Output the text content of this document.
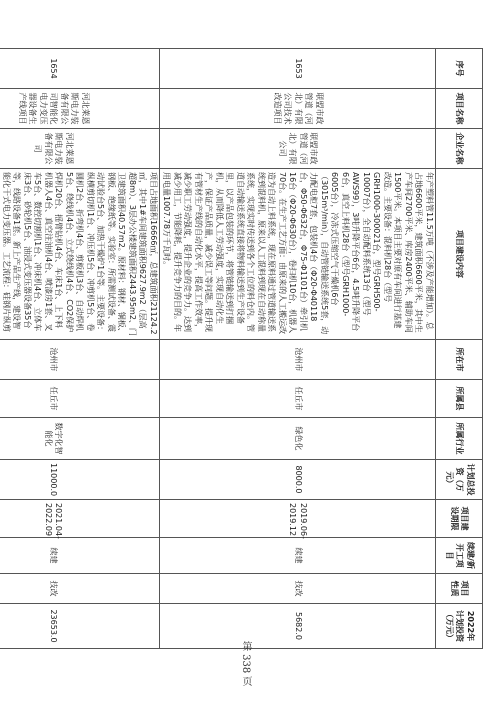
序号	项目名称	企业名称	项目建设内容	所在市	所属县	所属行业	计划总投资（万元）	项目建设期限	续建/新开工项目	项目性质	2022年计划投资（万元）
1653	联盟市政管道（河北）有限公司技术改造项目	联盟市政管道（河北）有限公司	年产塑料管11.5万吨（不涉及产能增加）。总占地6600平米，建筑面积6600平米，其中生产车间2700平米、库房2400平米、辅助车间1500平米。本项目主要对原有车间进行基建改造。主要设备：混料机28台（型号GRH1000-300021台，型号GRH500-10007台），全自动配料系统13台（型号AWS99），3吨升降平台6台，4.5吨升降平台6台，真空上料机28台（型号GRH1000-6005台），冷冻式压缩空气干燥机6台（3015m³/min），自动管链输送系统5套，动力配电柜7套，包装机4台（Φ20-Φ40118台，Φ50-Φ632台，Φ75-Φ1101台）牵引机16台（Φ20-Φ630台），卷扫机10台，机器人70台。在生产工艺方面：由原来的人工搬运改造为自动上料系统，现在原料通过管道输送系统到混料机，原来以人工混料到现在自动称量系统，实现实时传送到各个工位的料仓内。管道自动输送系统直接将物料输送到生产设备里，以产品包装的环节，将管链输送到打捆机，从而降低人工劳动强度，实现自动化生产，保证产品质量，减少误工等问题。提升现有管材生产线的自动化水平，提高工作效率，减少职工劳动强度，提升企业的竞争力。达到减少用工，节能降耗，提升竞争力的目的。年用电量1007.78万千瓦时。	沧州市	任丘市	绿色化	8000.0	2019.06-2019.12	续建	技改	5682.0
1654	河北莱恩斯电力装备有限公司智能化电力变压器设备生产线项目	河北莱恩斯电力装备有限公司	项目占地面积16666㎡，总建筑面积21124.2㎡，其中1#车间建筑面积9627.9m2（层高超8m）、3层办公楼建筑面积2443.95m2、门卫建筑面积40.57m2。原材料：钢材、铜板、钢板、绝缘纸等。实验室：所需测试设备、震动试验台5台、加热干燥炉1台等。主要设备：纵横剪切机1台、冲压机5台、冲剪机5台、卷圆机2台、折弯机4台、剪板机3台、自动焊机5台、绕线机4台、立式绕线机4台、CO2保护焊机20台、摇臂钻机4台、车床1台、上下料机器人4台、真空注油机4台、喷漆房1套、叉车5台、数控切割机1台、冲床机4台、立体车床3台、砂轮机5台、油浸式变压器设备35台等，线路设备1套。新上产品生产线，建设智能化干式电力变压器。工艺流程：硅钢片纵剪	沧州市	任丘市	数字化智能化	11000.0	2021.04-2022.09	续建	技改	23653.0
第 338 页
